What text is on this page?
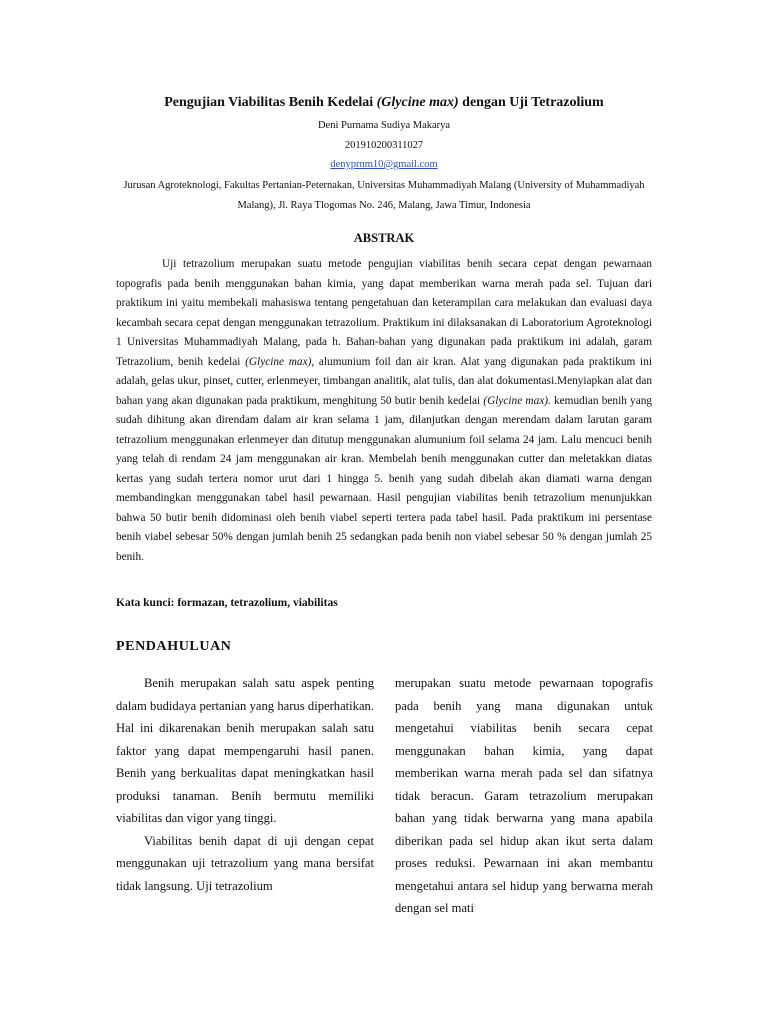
Pengujian Viabilitas Benih Kedelai (Glycine max) dengan Uji Tetrazolium
Deni Purnama Sudiya Makarya
201910200311027
denyprnm10@gmail.com
Jurusan Agroteknologi, Fakultas Pertanian-Peternakan, Universitas Muhammadiyah Malang (University of Muhammadiyah Malang), Jl. Raya Tlogomas No. 246, Malang, Jawa Timur, Indonesia
ABSTRAK

Uji tetrazolium merupakan suatu metode pengujian viabilitas benih secara cepat dengan pewarnaan topografis pada benih menggunakan bahan kimia, yang dapat memberikan warna merah pada sel. Tujuan dari praktikum ini yaitu membekali mahasiswa tentang pengetahuan dan keterampilan cara melakukan dan evaluasi daya kecambah secara cepat dengan menggunakan tetrazolium. Praktikum ini dilaksanakan di Laboratorium Agroteknologi 1 Universitas Muhammadiyah Malang, pada h. Bahan-bahan yang digunakan pada praktikum ini adalah, garam Tetrazolium, benih kedelai (Glycine max), alumunium foil dan air kran. Alat yang digunakan pada praktikum ini adalah, gelas ukur, pinset, cutter, erlenmeyer, timbangan analitik, alat tulis, dan alat dokumentasi.Menyiapkan alat dan bahan yang akan digunakan pada praktikum, menghitung 50 butir benih kedelai (Glycine max). kemudian benih yang sudah dihitung akan direndam dalam air kran selama 1 jam, dilanjutkan dengan merendam dalam larutan garam tetrazolium menggunakan erlenmeyer dan ditutup menggunakan alumunium foil selama 24 jam. Lalu mencuci benih yang telah di rendam 24 jam menggunakan air kran. Membelah benih menggunakan cutter dan meletakkan diatas kertas yang sudah tertera nomor urut dari 1 hingga 5. benih yang sudah dibelah akan diamati warna dengan membandingkan menggunakan tabel hasil pewarnaan. Hasil pengujian viabilitas benih tetrazolium menunjukkan bahwa 50 butir benih didominasi oleh benih viabel seperti tertera pada tabel hasil. Pada praktikum ini persentase benih viabel sebesar 50% dengan jumlah benih 25 sedangkan pada benih non viabel sebesar 50 % dengan jumlah 25 benih.

Kata kunci: formazan, tetrazolium, viabilitas

PENDAHULUAN

Benih merupakan salah satu aspek penting dalam budidaya pertanian yang harus diperhatikan. Hal ini dikarenakan benih merupakan salah satu faktor yang dapat mempengaruhi hasil panen. Benih yang berkualitas dapat meningkatkan hasil produksi tanaman. Benih bermutu memiliki viabilitas dan vigor yang tinggi.

Viabilitas benih dapat di uji dengan cepat menggunakan uji tetrazolium yang mana bersifat tidak langsung. Uji tetrazolium

merupakan suatu metode pewarnaan topografis pada benih yang mana digunakan untuk mengetahui viabilitas benih secara cepat menggunakan bahan kimia, yang dapat memberikan warna merah pada sel dan sifatnya tidak beracun. Garam tetrazolium merupakan bahan yang tidak berwarna yang mana apabila diberikan pada sel hidup akan ikut serta dalam proses reduksi. Pewarnaan ini akan membantu mengetahui antara sel hidup yang berwarna merah dengan sel mati
